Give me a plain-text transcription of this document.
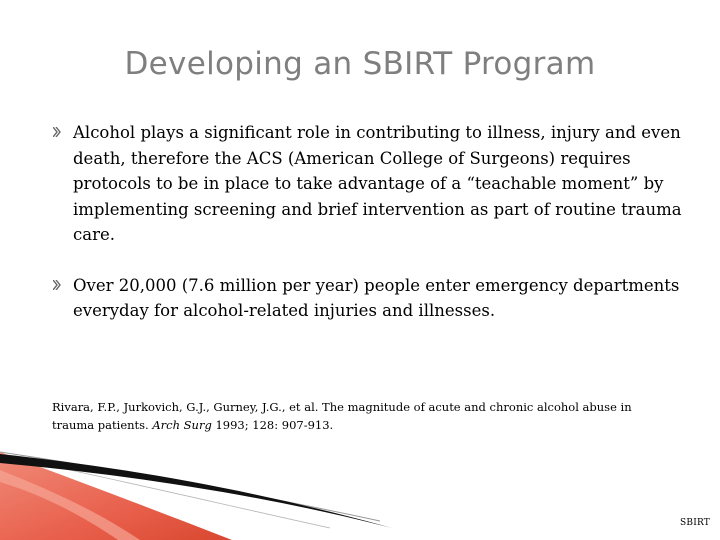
Developing an SBIRT Program
Alcohol plays a significant role in contributing to illness, injury and even death, therefore the ACS (American College of Surgeons) requires protocols to be in place to take advantage of a “teachable moment” by implementing screening and brief intervention as part of routine trauma care.
Over 20,000 (7.6 million per year) people enter emergency departments everyday for alcohol-related injuries and illnesses.
Rivara, F.P., Jurkovich, G.J., Gurney, J.G., et al. The magnitude of acute and chronic alcohol abuse in trauma patients. Arch Surg 1993; 128: 907-913.
SBIRT
